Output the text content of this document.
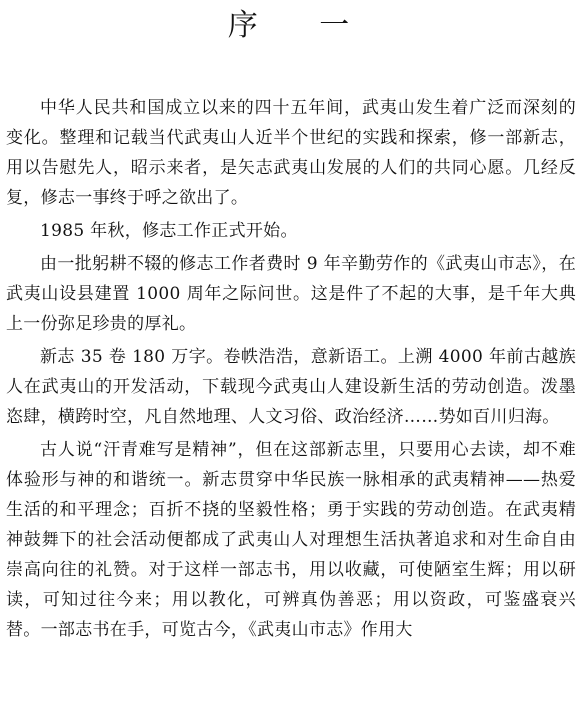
序 一

中华人民共和国成立以来的四十五年间，武夷山发生着广泛而深刻的变化。整理和记载当代武夷山人近半个世纪的实践和探索，修一部新志，用以告慰先人，昭示来者，是矢志武夷山发展的人们的共同心愿。几经反复，修志一事终于呼之欲出了。

1985 年秋，修志工作正式开始。

由一批躬耕不辍的修志工作者费时 9 年辛勤劳作的《武夷山市志》，在武夷山设县建置 1000 周年之际问世。这是件了不起的大事，是千年大典上一份弥足珍贵的厚礼。

新志 35 卷 180 万字。卷帙浩浩，意新语工。上溯 4000 年前古越族人在武夷山的开发活动，下载现今武夷山人建设新生活的劳动创造。泼墨恣肆，横跨时空，凡自然地理、人文习俗、政治经济……势如百川归海。

古人说“汗青难写是精神”，但在这部新志里，只要用心去读，却不难体验形与神的和谐统一。新志贯穿中华民族一脉相承的武夷精神——热爱生活的和平理念；百折不挠的坚毅性格；勇于实践的劳动创造。在武夷精神鼓舞下的社会活动便都成了武夷山人对理想生活执著追求和对生命自由崇高向往的礼赞。对于这样一部志书，用以收藏，可使陋室生辉；用以研读，可知过往今来；用以教化，可辨真伪善恶；用以资政，可鉴盛衰兴替。一部志书在手，可览古今，《武夷山市志》作用大
